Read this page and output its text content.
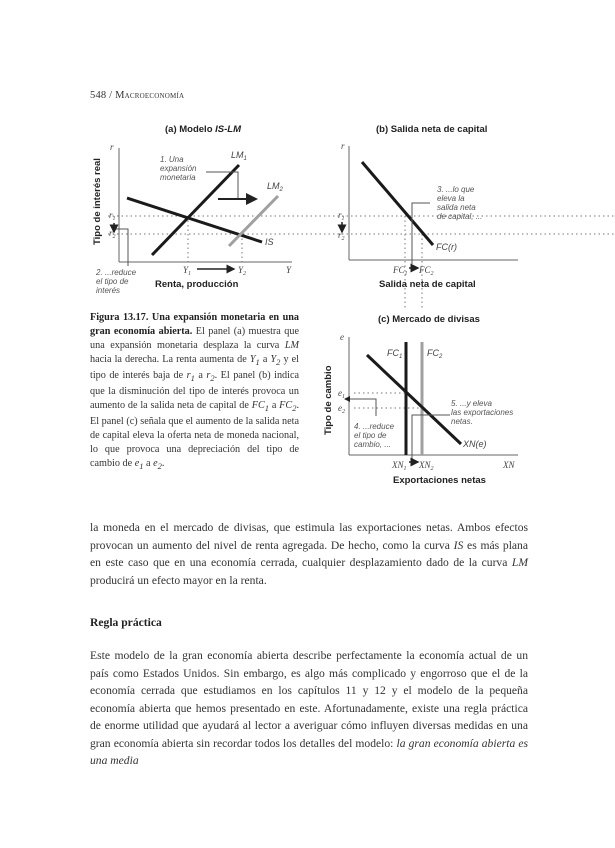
548 / Macroeconomía
(a) Modelo IS-LM
r
Y
Tipo de interés real
Renta, producción
$LM_1$
$LM_2$
IS
$r_1$
$r_2$
$Y_1$	$Y_2$
1. Una
expansión
monetaria
2. ...reduce
el tipo de
interés
(b) Salida neta de capital
r
FC(r)
$r_1$
$r_2$
$FC_1$ $FC_2$
3. ...lo que
eleva la
salida neta
de capital, ...
Salida neta de capital
(c) Mercado de divisas
e
XN
Tipo de cambio
$FC_1$	$FC_2$
XN(e)
$e_1$
$e_2$
4. ...reduce
el tipo de
cambio, ...
5. ...y eleva
las exportaciones
netas.
$XN_1$ $XN_2$
Exportaciones netas
Figura 13.17. Una expansión monetaria en una gran economía abierta. El panel (a) muestra que una expansión monetaria desplaza la curva LM hacia la derecha. La renta aumenta de $Y_1$ a $Y_2$ y el tipo de interés baja de $r_1$ a $r_2$. El panel (b) indica que la disminución del tipo de interés provoca un aumento de la salida neta de capital de $FC_1$ a $FC_2$. El panel (c) señala que el aumento de la salida neta de capital eleva la oferta neta de moneda nacional, lo que provoca una depreciación del tipo de cambio de $e_1$ a $e_2$.
la moneda en el mercado de divisas, que estimula las exportaciones netas. Ambos efectos provocan un aumento del nivel de renta agregada. De hecho, como la curva IS es más plana en este caso que en una economía cerrada, cualquier desplazamiento dado de la curva LM producirá un efecto mayor en la renta.
Regla práctica
Este modelo de la gran economía abierta describe perfectamente la economía actual de un país como Estados Unidos. Sin embargo, es algo más complicado y engorroso que el de la economía cerrada que estudiamos en los capítulos 11 y 12 y el modelo de la pequeña economía abierta que hemos presentado en este. Afortunadamente, existe una regla práctica de enorme utilidad que ayudará al lector a averiguar cómo influyen diversas medidas en una gran economía abierta sin recordar todos los detalles del modelo: la gran economía abierta es una media
